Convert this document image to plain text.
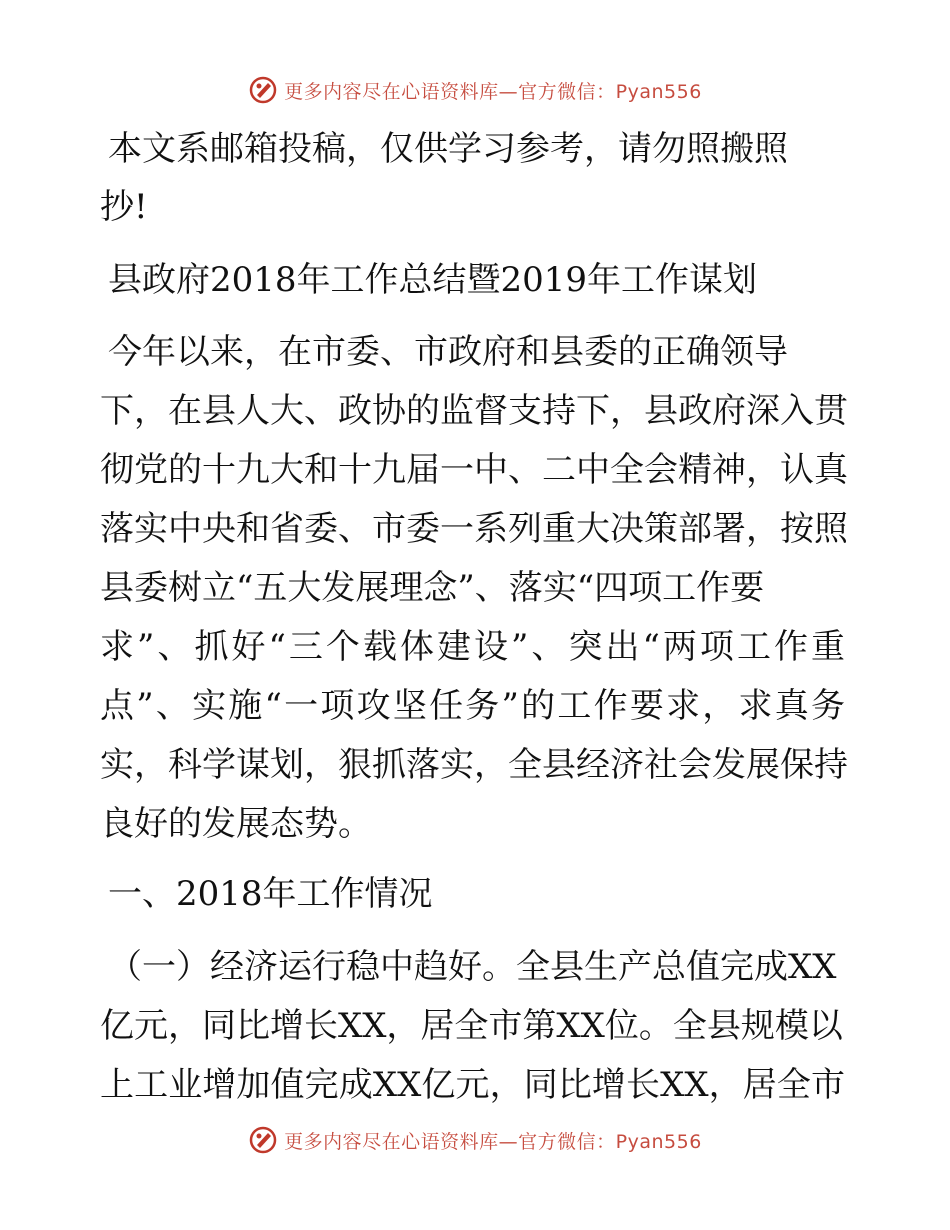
更多内容尽在心语资料库—官方微信：Pyan556
本文系邮箱投稿，仅供学习参考，请勿照搬照
抄!
县政府2018年工作总结暨2019年工作谋划
今年以来，在市委、市政府和县委的正确领导
下，在县人大、政协的监督支持下，县政府深入贯
彻党的十九大和十九届一中、二中全会精神，认真
落实中央和省委、市委一系列重大决策部署，按照
县委树立“五大发展理念”、落实“四项工作要
求”、抓好“三个载体建设”、突出“两项工作重
点”、实施“一项攻坚任务”的工作要求，求真务
实，科学谋划，狠抓落实，全县经济社会发展保持
良好的发展态势。
一、2018年工作情况
（一）经济运行稳中趋好。全县生产总值完成XX
亿元，同比增长XX，居全市第XX位。全县规模以
上工业增加值完成XX亿元，同比增长XX，居全市
更多内容尽在心语资料库—官方微信：Pyan556
